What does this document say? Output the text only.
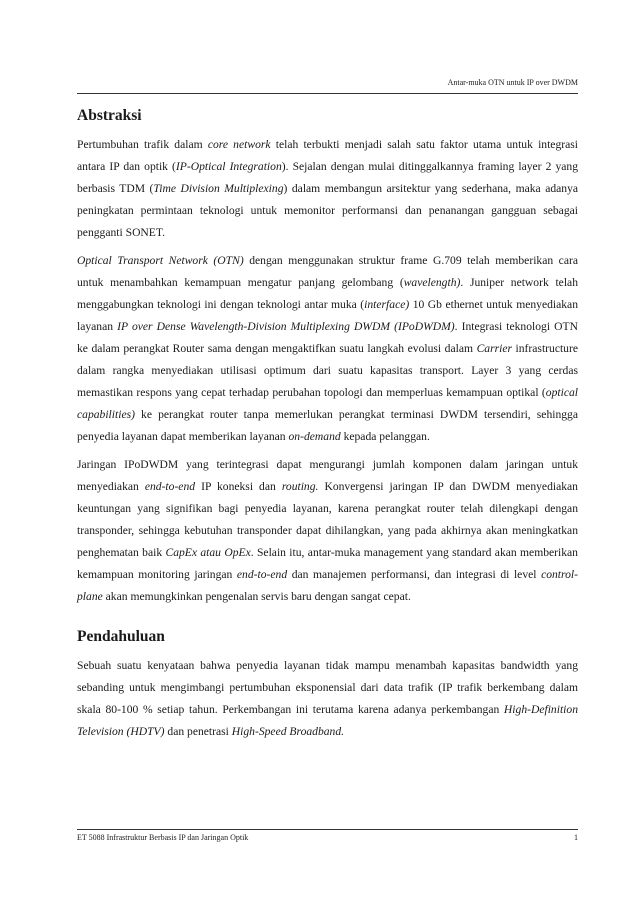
Antar-muka OTN untuk IP over DWDM
Abstraksi

Pertumbuhan trafik dalam core network telah terbukti menjadi salah satu faktor utama untuk integrasi antara IP dan optik (IP-Optical Integration). Sejalan dengan mulai ditinggalkannya framing layer 2 yang berbasis TDM (Time Division Multiplexing) dalam membangun arsitektur yang sederhana, maka adanya peningkatan permintaan teknologi untuk memonitor performansi dan penanangan gangguan sebagai pengganti SONET.

Optical Transport Network (OTN) dengan menggunakan struktur frame G.709 telah memberikan cara untuk menambahkan kemampuan mengatur panjang gelombang (wavelength). Juniper network telah menggabungkan teknologi ini dengan teknologi antar muka (interface) 10 Gb ethernet untuk menyediakan layanan IP over Dense Wavelength-Division Multiplexing DWDM (IPoDWDM). Integrasi teknologi OTN ke dalam perangkat Router sama dengan mengaktifkan suatu langkah evolusi dalam Carrier infrastructure dalam rangka menyediakan utilisasi optimum dari suatu kapasitas transport. Layer 3 yang cerdas memastikan respons yang cepat terhadap perubahan topologi dan memperluas kemampuan optikal (optical capabilities) ke perangkat router tanpa memerlukan perangkat terminasi DWDM tersendiri, sehingga penyedia layanan dapat memberikan layanan on-demand kepada pelanggan.

Jaringan IPoDWDM yang terintegrasi dapat mengurangi jumlah komponen dalam jaringan untuk menyediakan end-to-end IP koneksi dan routing. Konvergensi jaringan IP dan DWDM menyediakan keuntungan yang signifikan bagi penyedia layanan, karena perangkat router telah dilengkapi dengan transponder, sehingga kebutuhan transponder dapat dihilangkan, yang pada akhirnya akan meningkatkan penghematan baik CapEx atau OpEx. Selain itu, antar-muka management yang standard akan memberikan kemampuan monitoring jaringan end-to-end dan manajemen performansi, dan integrasi di level control-plane akan memungkinkan pengenalan servis baru dengan sangat cepat.

Pendahuluan

Sebuah suatu kenyataan bahwa penyedia layanan tidak mampu menambah kapasitas bandwidth yang sebanding untuk mengimbangi pertumbuhan eksponensial dari data trafik (IP trafik berkembang dalam skala 80-100 % setiap tahun. Perkembangan ini terutama karena adanya perkembangan High-Definition Television (HDTV) dan penetrasi High-Speed Broadband.

ET 5088 Infrastruktur Berbasis IP dan Jaringan Optik	1
